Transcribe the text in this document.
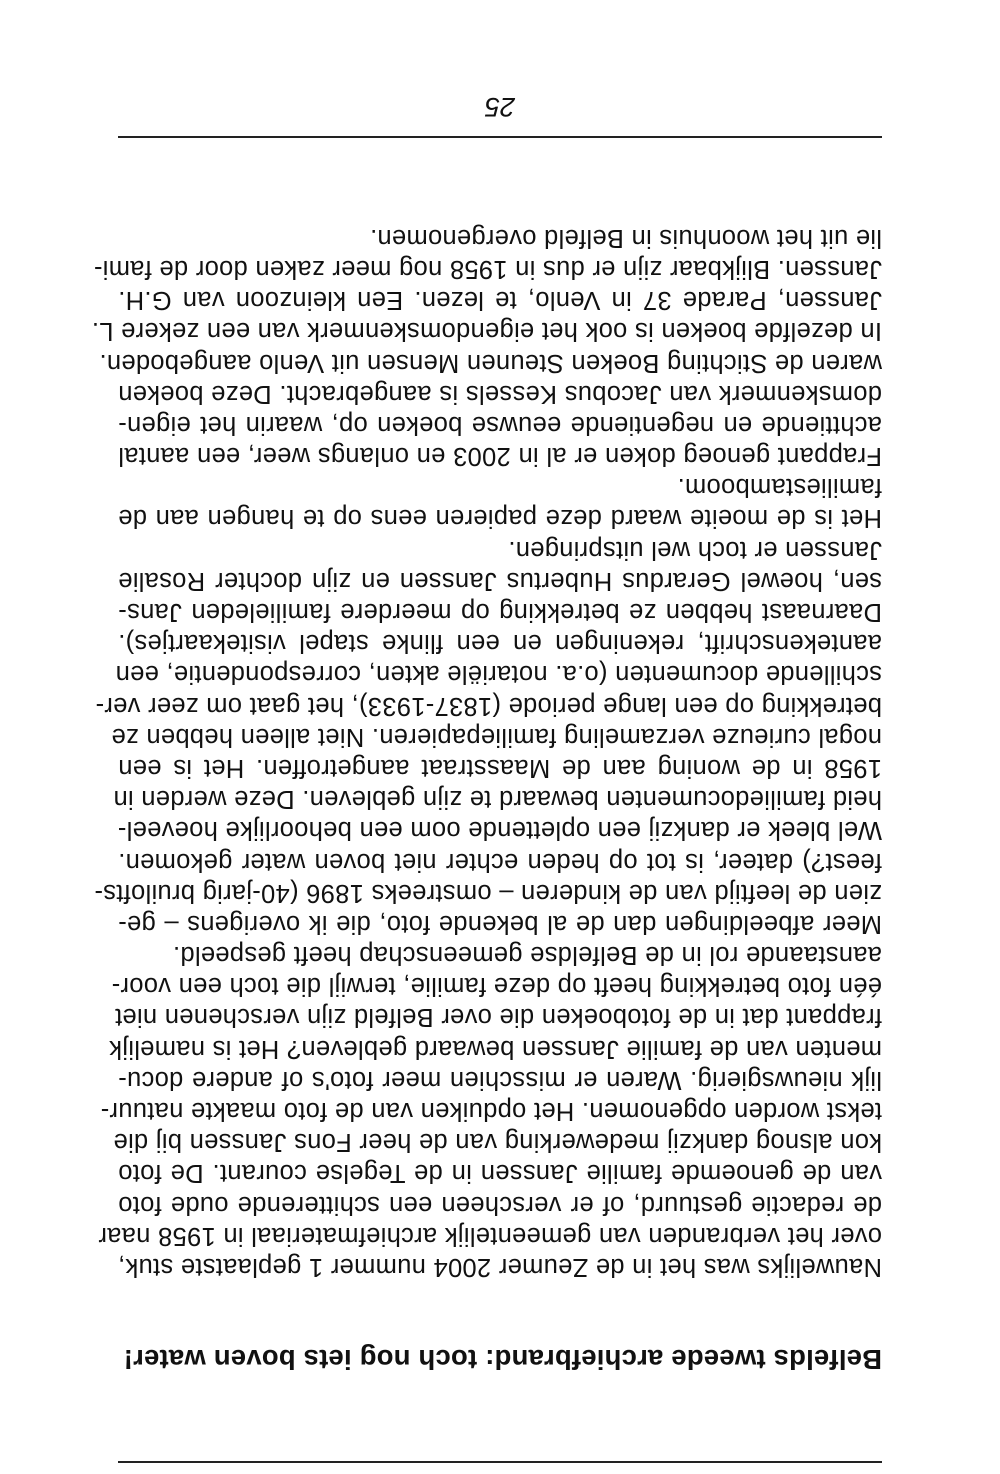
Belfelds tweede archiefbrand: toch nog iets boven water!
Nauwelijks was het in de Zeumer 2004 nummer 1 geplaatste stuk,
over het verbranden van gemeentelijk archiefmateriaal in 1958 naar
de redactie gestuurd, of er verscheen een schitterende oude foto
van de genoemde familie Janssen in de Tegelse courant. De foto
kon alsnog dankzij medewerking van de heer Fons Janssen bij die
tekst worden opgenomen. Het opduiken van de foto maakte natuur-
lijk nieuwsgierig. Waren er misschien meer foto's of andere docu-
menten van de familie Janssen bewaard gebleven? Het is namelijk
frappant dat in de fotoboeken die over Belfeld zijn verschenen niet
één foto betrekking heeft op deze familie, terwijl die toch een voor-
aanstaande rol in de Belfeldse gemeenschap heeft gespeeld.
Meer afbeeldingen dan de al bekende foto, die ik overigens – ge-
zien de leeftijd van de kinderen – omstreeks 1896 (40-jarig bruilofts-
feest?) dateer, is tot op heden echter niet boven water gekomen.
Wel bleek er dankzij een oplettende oom een behoorlijke hoeveel-
heid familiedocumenten bewaard te zijn gebleven. Deze werden in
1958 in de woning aan de Maasstraat aangetroffen. Het is een
nogal curieuze verzameling familiepapieren. Niet alleen hebben ze
betrekking op een lange periode (1837-1933), het gaat om zeer ver-
schillende documenten (o.a. notariële akten, correspondentie, een
aantekenschrift, rekeningen en een flinke stapel visitekaartjes).
Daarnaast hebben ze betrekking op meerdere familieleden Jans-
sen, hoewel Gerardus Hubertus Janssen en zijn dochter Rosalie
Janssen er toch wel uitspringen.
Het is de moeite waard deze papieren eens op te hangen aan de
familiestamboom.
Frappant genoeg doken er al in 2003 en onlangs weer, een aantal
achttiende en negentiende eeuwse boeken op, waarin het eigen-
domskenmerk van Jacobus Kessels is aangebracht. Deze boeken
waren de Stichting Boeken Steunen Mensen uit Venlo aangeboden.
In dezelfde boeken is ook het eigendomskenmerk van een zekere L.
Janssen, Parade 37 in Venlo, te lezen. Een kleinzoon van G.H.
Janssen. Blijkbaar zijn er dus in 1958 nog meer zaken door de fami-
lie uit het woonhuis in Belfeld overgenomen.
25
